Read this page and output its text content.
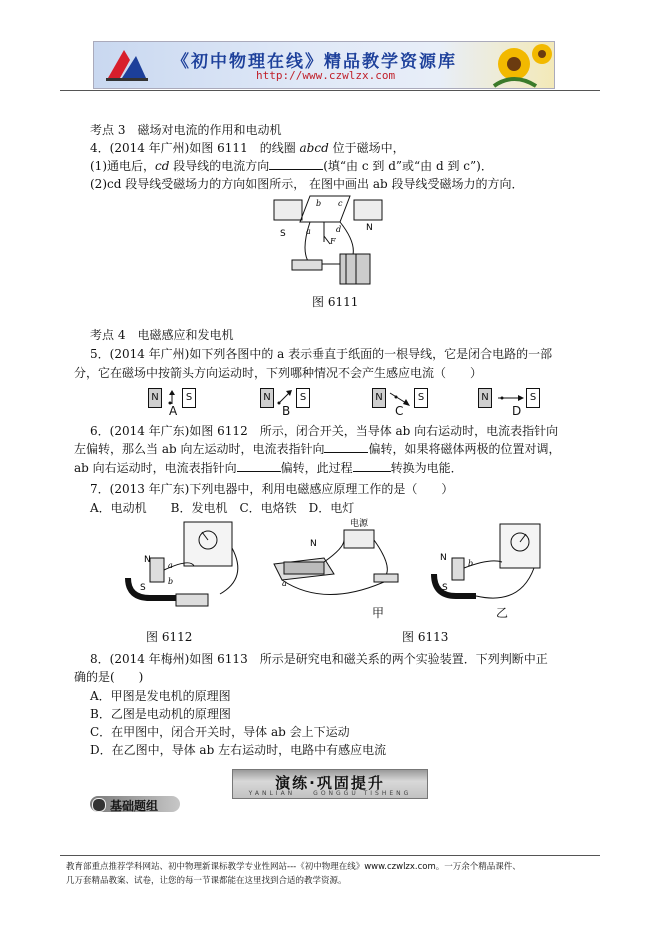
《初中物理在线》精品教学资源库
http://www.czwlzx.com
考点 3　磁场对电流的作用和电动机
4．(2014 年广州)如图 6111　的线圈 abcd 位于磁场中，
(1)通电后，cd 段导线的电流方向	(填“由 c 到 d”或“由 d 到 c”)．
(2)cd 段导线受磁场力的方向如图所示， 在图中画出 ab 段导线受磁场力的方向．
S
N
a
b c
d
F
图 6111
考点 4　电磁感应和发电机
5．(2014 年广州)如下列各图中的 a 表示垂直于纸面的一根导线，它是闭合电路的一部
分，它在磁场中按箭头方向运动时，下列哪种情况不会产生感应电流（　　）
N	S
A
N	S
B
N	S
C
N	S
D
6．(2014 年广东)如图 6112　所示，闭合开关，当导体 ab 向右运动时，电流表指针向
左偏转，那么当 ab 向左运动时，电流表指针向	偏转，如果将磁体两极的位置对调，
ab 向右运动时，电流表指针向	偏转，此过程	转换为电能．
7．(2013 年广东)下列电器中，利用电磁感应原理工作的是（　　）
A．电动机　　B．发电机　C．电烙铁　D．电灯
N
S
a
b
图 6112
电源
N
a
甲
N
S
b
乙
图 6113
8．(2014 年梅州)如图 6113　所示是研究电和磁关系的两个实验装置．下列判断中正
确的是(　　)
A．甲图是发电机的原理图
B．乙图是电动机的原理图
C．在甲图中，闭合开关时，导体 ab 会上下运动
D．在乙图中，导体 ab 左右运动时，电路中有感应电流
演练·巩固提升
YANLIAN　　GONGGU TISHENG
基础题组
教育部重点推荐学科网站、初中物理新课标教学专业性网站---《初中物理在线》www.czwlzx.com。一万余个精品课件、
几万套精品教案、试卷，让您的每一节课都能在这里找到合适的教学资源。
